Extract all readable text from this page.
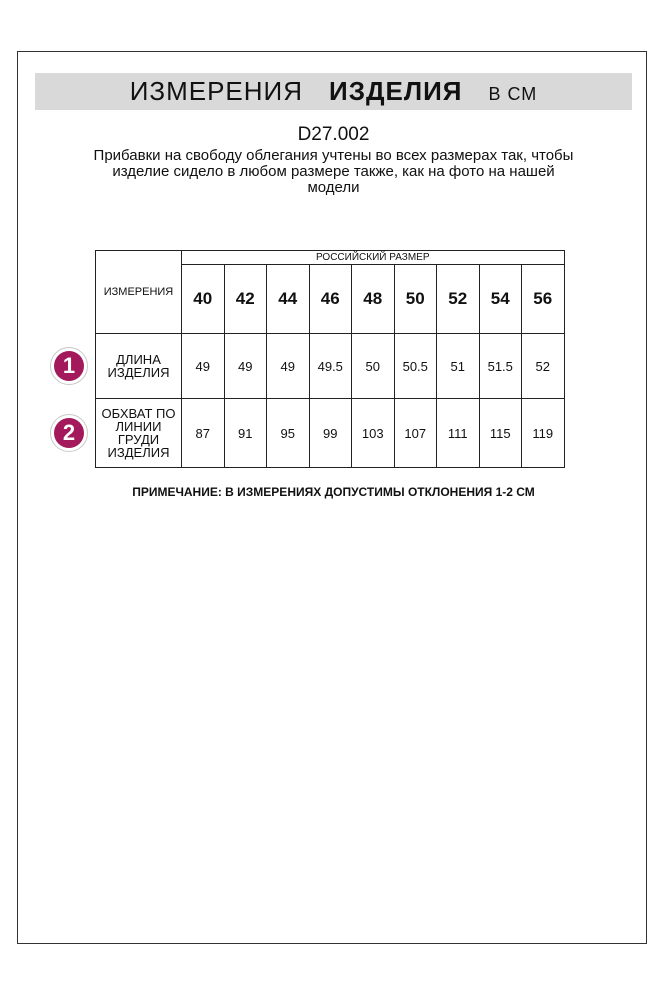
ИЗМЕРЕНИЯ ИЗДЕЛИЯ В СМ
D27.002
Прибавки на свободу облегания учтены во всех размерах так, чтобы изделие сидело в любом размере также, как на фото на нашей модели
1
2
ИЗМЕРЕНИЯ	РОССИЙСКИЙ РАЗМЕР								
	40	42	44	46	48	50	52	54	56
ДЛИНА ИЗДЕЛИЯ	49	49	49	49.5	50	50.5	51	51.5	52
ОБХВАТ ПО ЛИНИИ ГРУДИ ИЗДЕЛИЯ	87	91	95	99	103	107	111	115	119
ПРИМЕЧАНИЕ: В ИЗМЕРЕНИЯХ ДОПУСТИМЫ ОТКЛОНЕНИЯ 1-2 СМ
